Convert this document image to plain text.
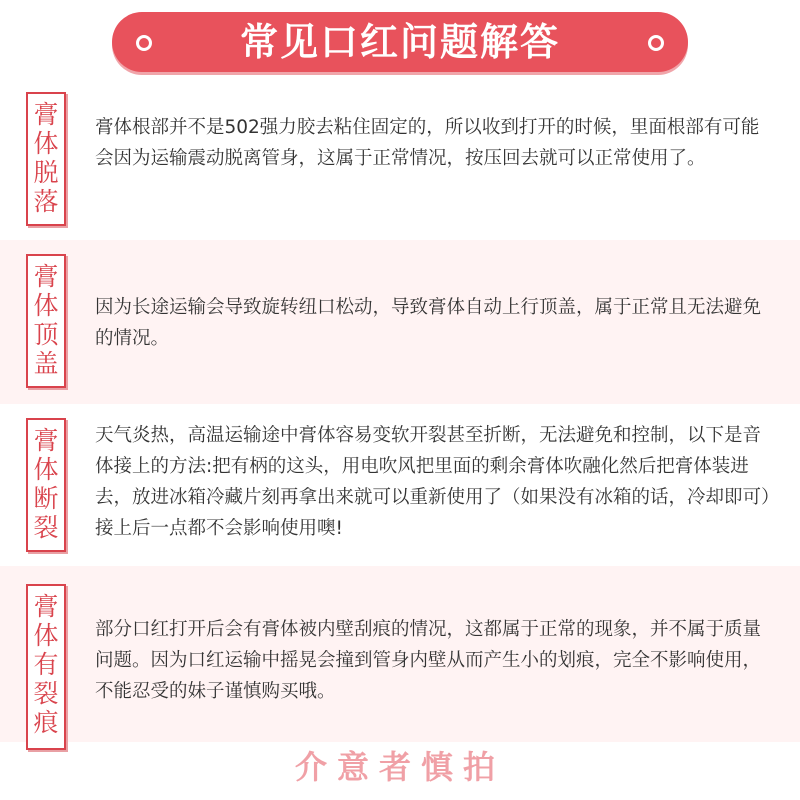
常见口红问题解答
膏
体
脱
落
膏体根部并不是502强力胶去粘住固定的，所以收到打开的时候，里面根部有可能会因为运输震动脱离管身，这属于正常情况，按压回去就可以正常使用了。
膏
体
顶
盖
因为长途运输会导致旋转纽口松动，导致膏体自动上行顶盖，属于正常且无法避免的情况。
膏
体
断
裂
天气炎热，高温运输途中膏体容易变软开裂甚至折断，无法避免和控制，以下是音体接上的方法:把有柄的这头，用电吹风把里面的剩余膏体吹融化然后把膏体装进去，放进冰箱冷藏片刻再拿出来就可以重新使用了（如果没有冰箱的话，冷却即可）接上后一点都不会影响使用噢!
膏
体
有
裂
痕
部分口红打开后会有膏体被内壁刮痕的情况，这都属于正常的现象，并不属于质量问题。因为口红运输中摇晃会撞到管身内壁从而产生小的划痕，完全不影响使用，不能忍受的妹子谨慎购买哦。
介意者慎拍
